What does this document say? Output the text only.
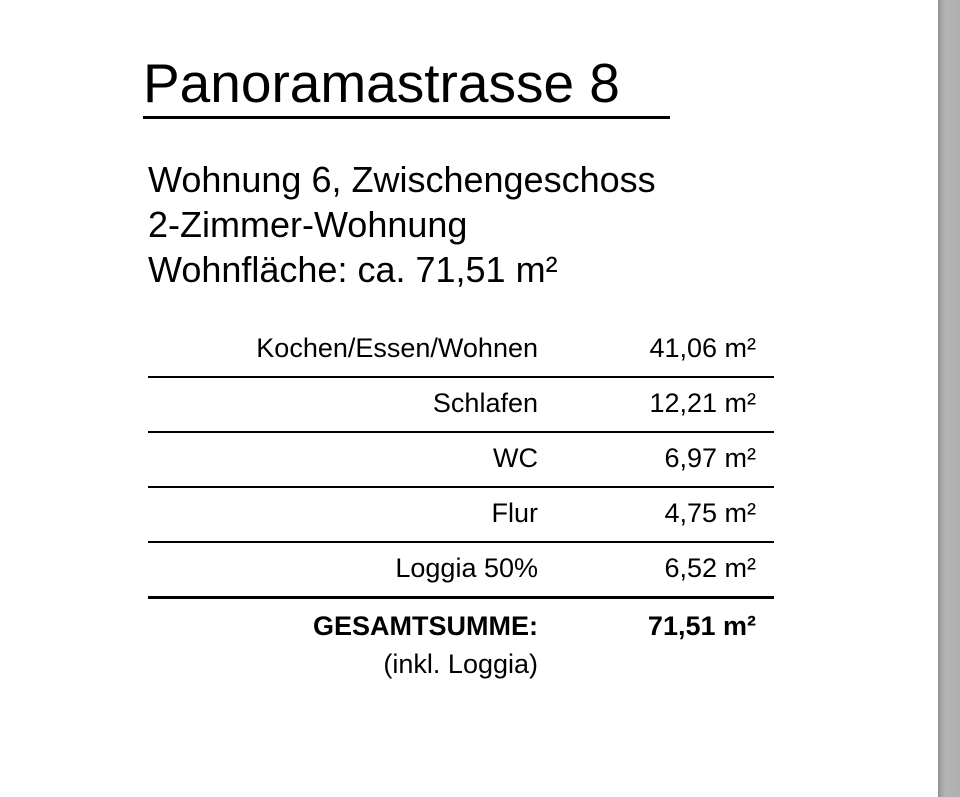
Panoramastrasse 8
Wohnung 6, Zwischengeschoss
2-Zimmer-Wohnung
Wohnfläche: ca. 71,51 m²
Kochen/Essen/Wohnen	41,06 m²
Schlafen	12,21 m²
WC	6,97 m²
Flur	4,75 m²
Loggia 50%	6,52 m²
GESAMTSUMME:	71,51 m²
(inkl. Loggia)
